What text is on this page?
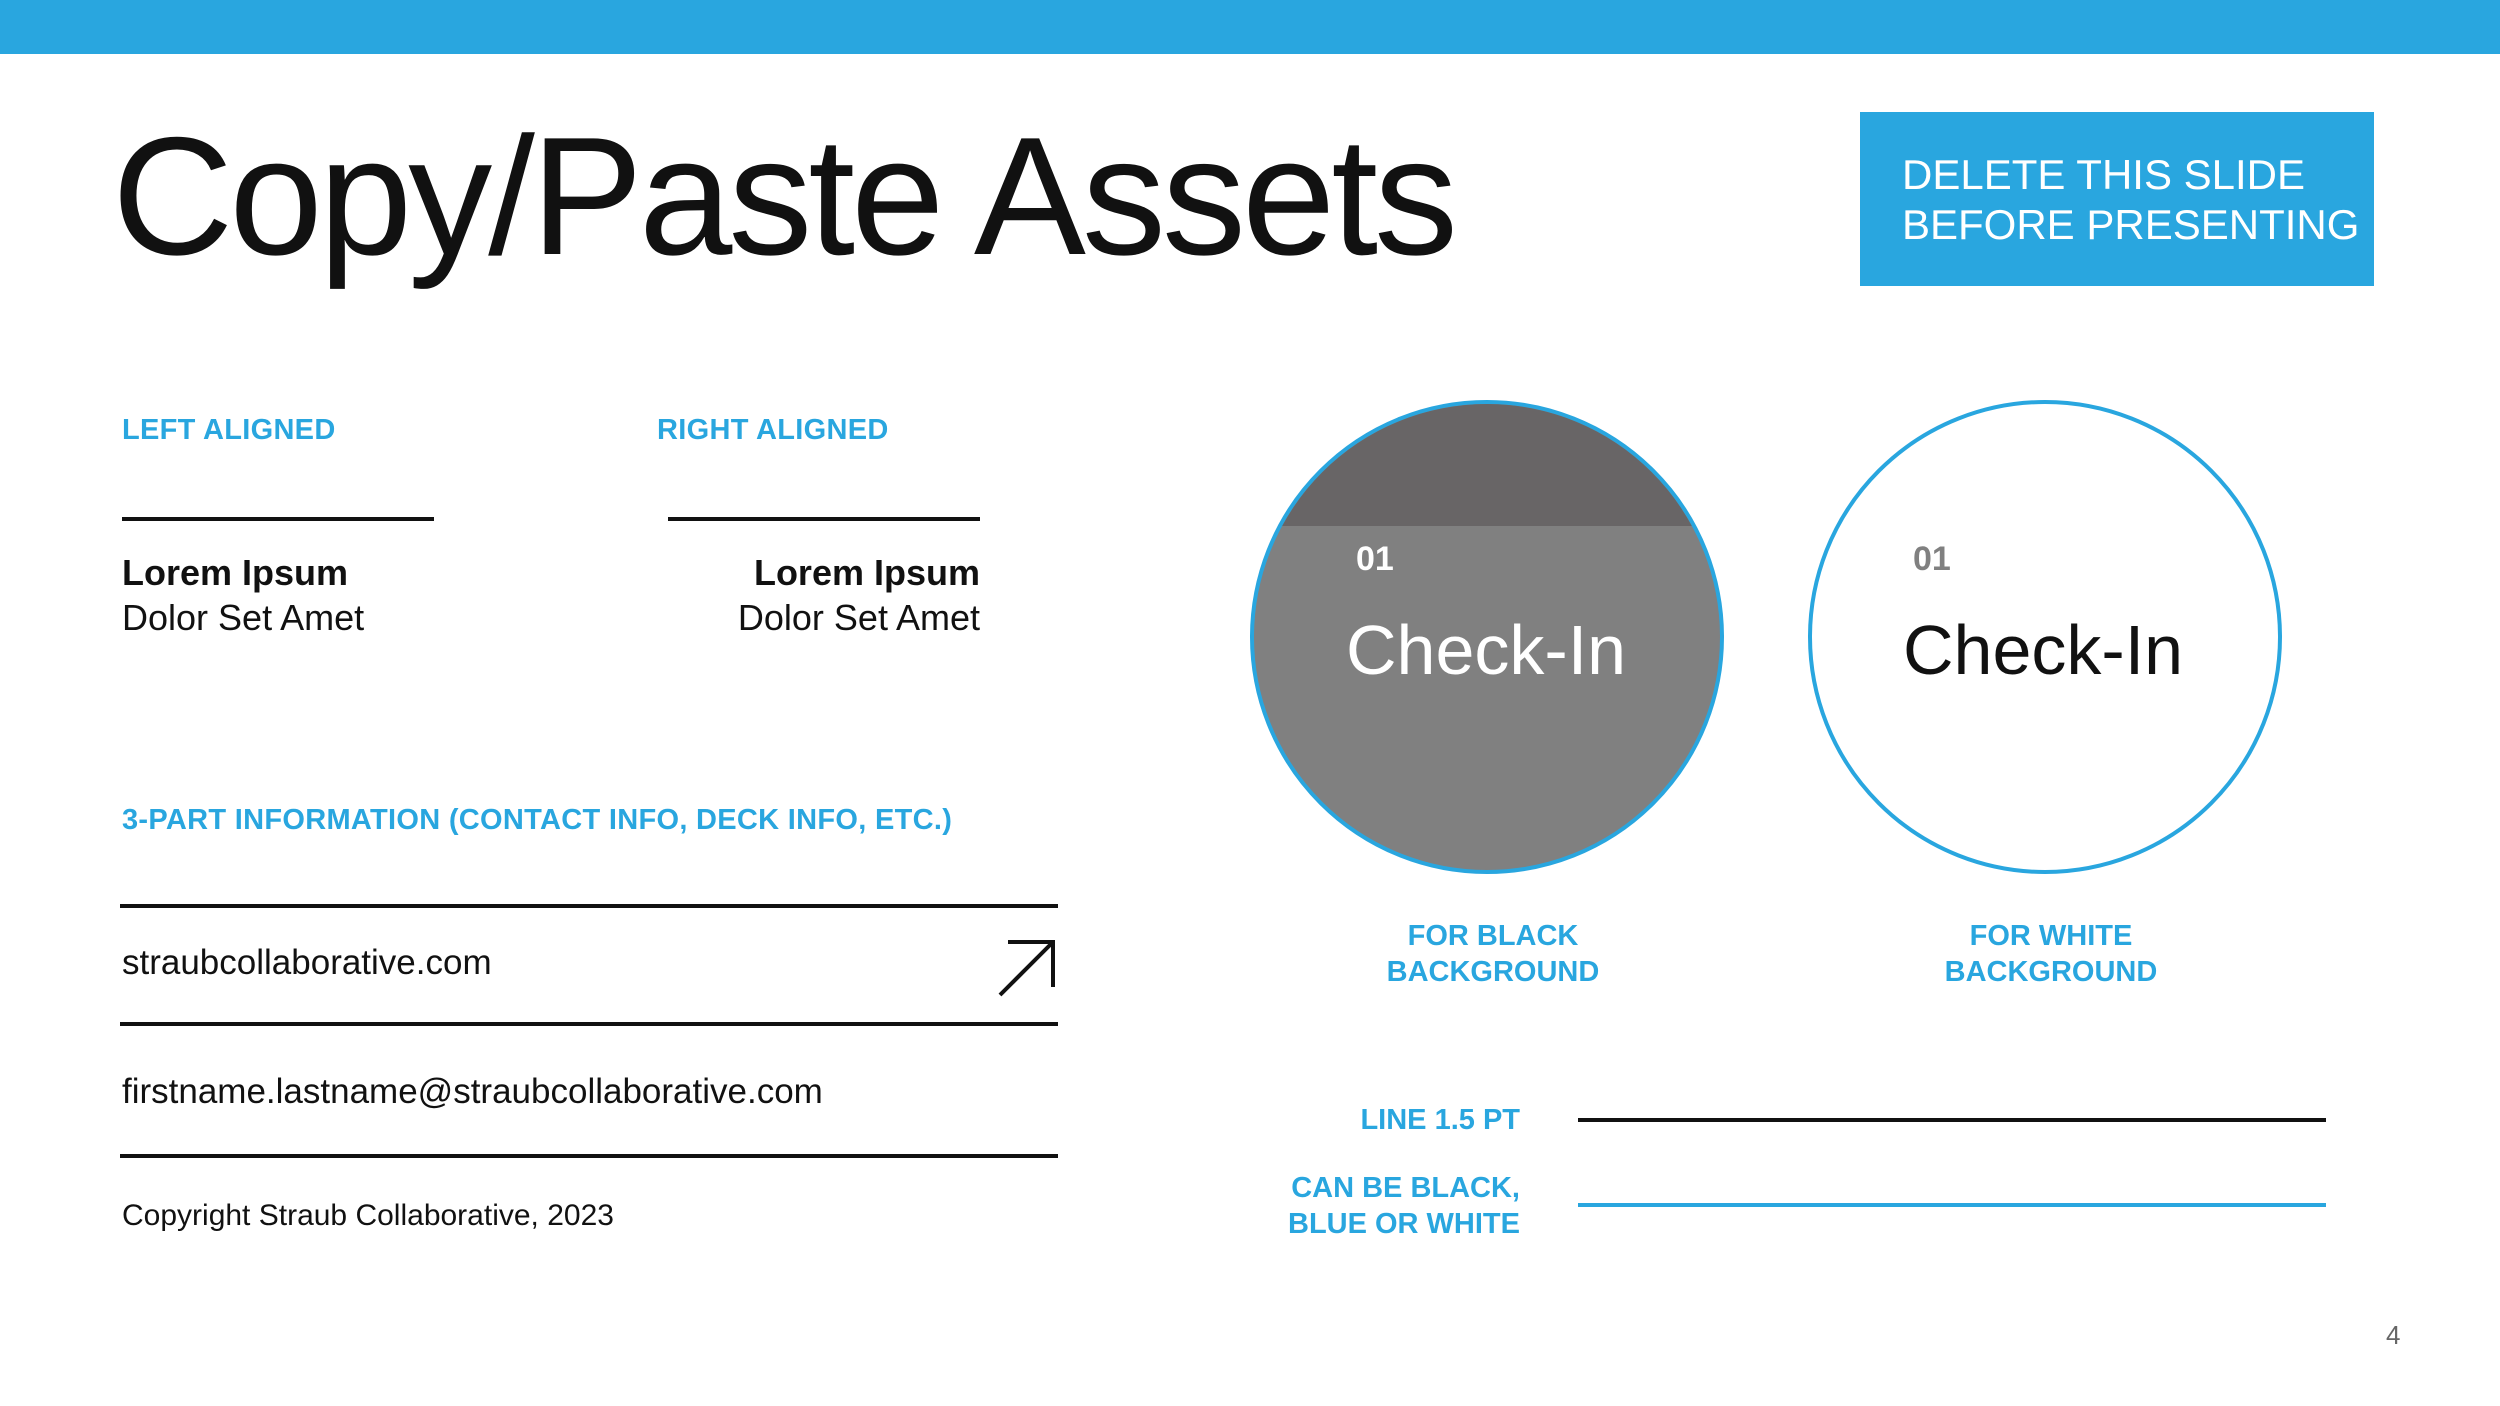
Copy/Paste Assets	DELETE THIS SLIDE
BEFORE PRESENTING
LEFT ALIGNED	RIGHT ALIGNED
Lorem Ipsum
Dolor Set Amet
Lorem Ipsum
Dolor Set Amet
3-PART INFORMATION (CONTACT INFO, DECK INFO, ETC.)
straubcollaborative.com
firstname.lastname@straubcollaborative.com
Copyright Straub Collaborative, 2023
01
Check-In
01
Check-In
FOR BLACK
BACKGROUND
FOR WHITE
BACKGROUND
LINE 1.5 PT
CAN BE BLACK,
BLUE OR WHITE
4
